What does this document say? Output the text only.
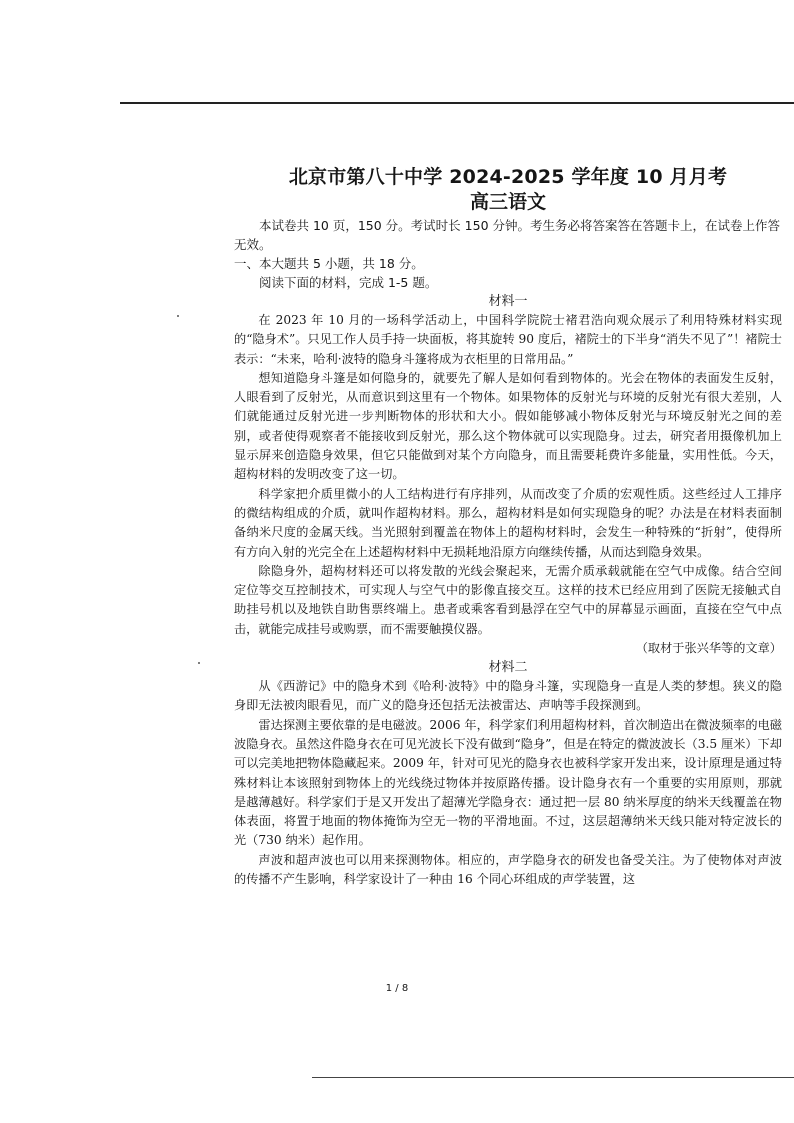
北京市第八十中学 2024-2025 学年度 10 月月考
高三语文

本试卷共 10 页，150 分。考试时长 150 分钟。考生务必将答案答在答题卡上，在试卷上作答无效。

一、本大题共 5 小题，共 18 分。

阅读下面的材料，完成 1-5 题。

材料一

在 2023 年 10 月的一场科学活动上，中国科学院院士褚君浩向观众展示了利用特殊材料实现的“隐身术”。只见工作人员手持一块面板，将其旋转 90 度后，褚院士的下半身“消失不见了”！褚院士表示：“未来，哈利·波特的隐身斗篷将成为衣柜里的日常用品。”

想知道隐身斗篷是如何隐身的，就要先了解人是如何看到物体的。光会在物体的表面发生反射，人眼看到了反射光，从而意识到这里有一个物体。如果物体的反射光与环境的反射光有很大差别，人们就能通过反射光进一步判断物体的形状和大小。假如能够减小物体反射光与环境反射光之间的差别，或者使得观察者不能接收到反射光，那么这个物体就可以实现隐身。过去，研究者用摄像机加上显示屏来创造隐身效果，但它只能做到对某个方向隐身，而且需要耗费许多能量，实用性低。今天，超构材料的发明改变了这一切。

科学家把介质里微小的人工结构进行有序排列，从而改变了介质的宏观性质。这些经过人工排序的微结构组成的介质，就叫作超构材料。那么，超构材料是如何实现隐身的呢？办法是在材料表面制备纳米尺度的金属天线。当光照射到覆盖在物体上的超构材料时，会发生一种特殊的“折射”，使得所有方向入射的光完全在上述超构材料中无损耗地沿原方向继续传播，从而达到隐身效果。

除隐身外，超构材料还可以将发散的光线会聚起来，无需介质承载就能在空气中成像。结合空间定位等交互控制技术，可实现人与空气中的影像直接交互。这样的技术已经应用到了医院无接触式自助挂号机以及地铁自助售票终端上。患者或乘客看到悬浮在空气中的屏幕显示画面，直接在空气中点击，就能完成挂号或购票，而不需要触摸仪器。

（取材于张兴华等的文章）

材料二

从《西游记》中的隐身术到《哈利·波特》中的隐身斗篷，实现隐身一直是人类的梦想。狭义的隐身即无法被肉眼看见，而广义的隐身还包括无法被雷达、声呐等手段探测到。

雷达探测主要依靠的是电磁波。2006 年，科学家们利用超构材料，首次制造出在微波频率的电磁波隐身衣。虽然这件隐身衣在可见光波长下没有做到“隐身”，但是在特定的微波波长（3.5 厘米）下却可以完美地把物体隐藏起来。2009 年，针对可见光的隐身衣也被科学家开发出来，设计原理是通过特殊材料让本该照射到物体上的光线绕过物体并按原路传播。设计隐身衣有一个重要的实用原则，那就是越薄越好。科学家们于是又开发出了超薄光学隐身衣：通过把一层 80 纳米厚度的纳米天线覆盖在物体表面，将置于地面的物体掩饰为空无一物的平滑地面。不过，这层超薄纳米天线只能对特定波长的光（730 纳米）起作用。

声波和超声波也可以用来探测物体。相应的，声学隐身衣的研发也备受关注。为了使物体对声波的传播不产生影响，科学家设计了一种由 16 个同心环组成的声学装置，这

1 / 8
